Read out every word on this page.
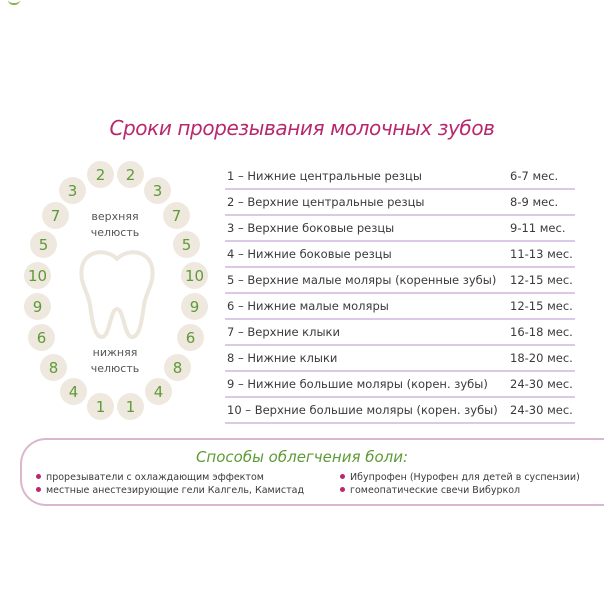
Сроки прорезывания молочных зубов
2
3
7
5
10
9
6
8
4
1
2
3
7
5
10
9
6
8
4
1
верхняя
челюсть
нижняя
челюсть
1 – Нижние центральные резцы	6-7 мес.
2 – Верхние центральные резцы	8-9 мес.
3 – Верхние боковые резцы	9-11 мес.
4 – Нижние боковые резцы	11-13 мес.
5 – Верхние малые моляры (коренные зубы) 12-15 мес.
6 – Нижние малые моляры	12-15 мес.
7 – Верхние клыки	16-18 мес.
8 – Нижние клыки	18-20 мес.
9 – Нижние большие моляры (корен. зубы) 24-30 мес.
10 – Верхние большие моляры (корен. зубы) 24-30 мес.
Способы облегчения боли:
прорезыватели с охлаждающим эффектом
местные анестезирующие гели Калгель, Камистад
Ибупрофен (Нурофен для детей в суспензии)
гомеопатические свечи Вибуркол
